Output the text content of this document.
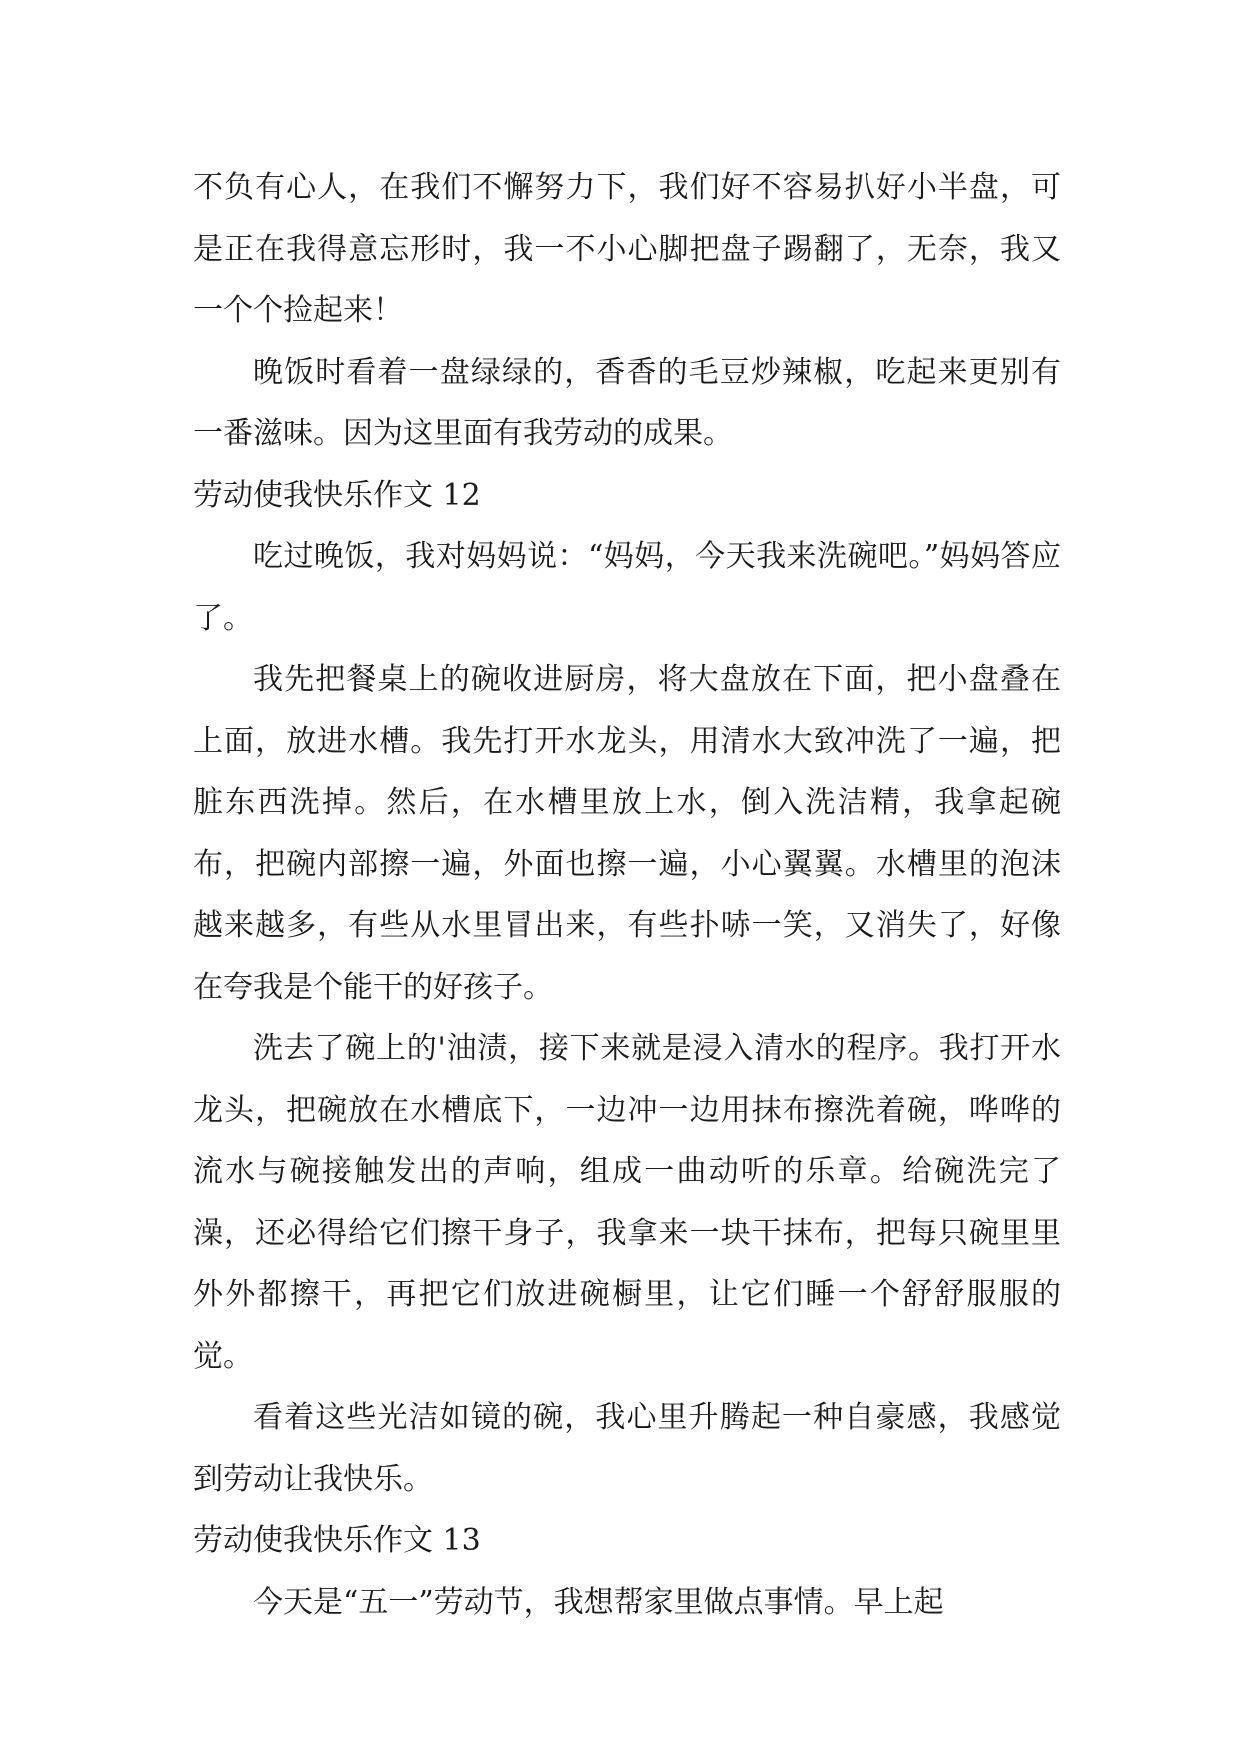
不负有心人，在我们不懈努力下，我们好不容易扒好小半盘，可是正在我得意忘形时，我一不小心脚把盘子踢翻了，无奈，我又一个个捡起来！

晚饭时看着一盘绿绿的，香香的毛豆炒辣椒，吃起来更别有一番滋味。因为这里面有我劳动的成果。

劳动使我快乐作文 12

吃过晚饭，我对妈妈说：“妈妈，今天我来洗碗吧。”妈妈答应了。

我先把餐桌上的碗收进厨房，将大盘放在下面，把小盘叠在上面，放进水槽。我先打开水龙头，用清水大致冲洗了一遍，把脏东西洗掉。然后，在水槽里放上水，倒入洗洁精，我拿起碗布，把碗内部擦一遍，外面也擦一遍，小心翼翼。水槽里的泡沫越来越多，有些从水里冒出来，有些扑哧一笑，又消失了，好像在夸我是个能干的好孩子。

洗去了碗上的'油渍，接下来就是浸入清水的程序。我打开水龙头，把碗放在水槽底下，一边冲一边用抹布擦洗着碗，哗哗的流水与碗接触发出的声响，组成一曲动听的乐章。给碗洗完了澡，还必得给它们擦干身子，我拿来一块干抹布，把每只碗里里外外都擦干，再把它们放进碗橱里，让它们睡一个舒舒服服的觉。

看着这些光洁如镜的碗，我心里升腾起一种自豪感，我感觉到劳动让我快乐。

劳动使我快乐作文 13

今天是“五一”劳动节，我想帮家里做点事情。早上起
